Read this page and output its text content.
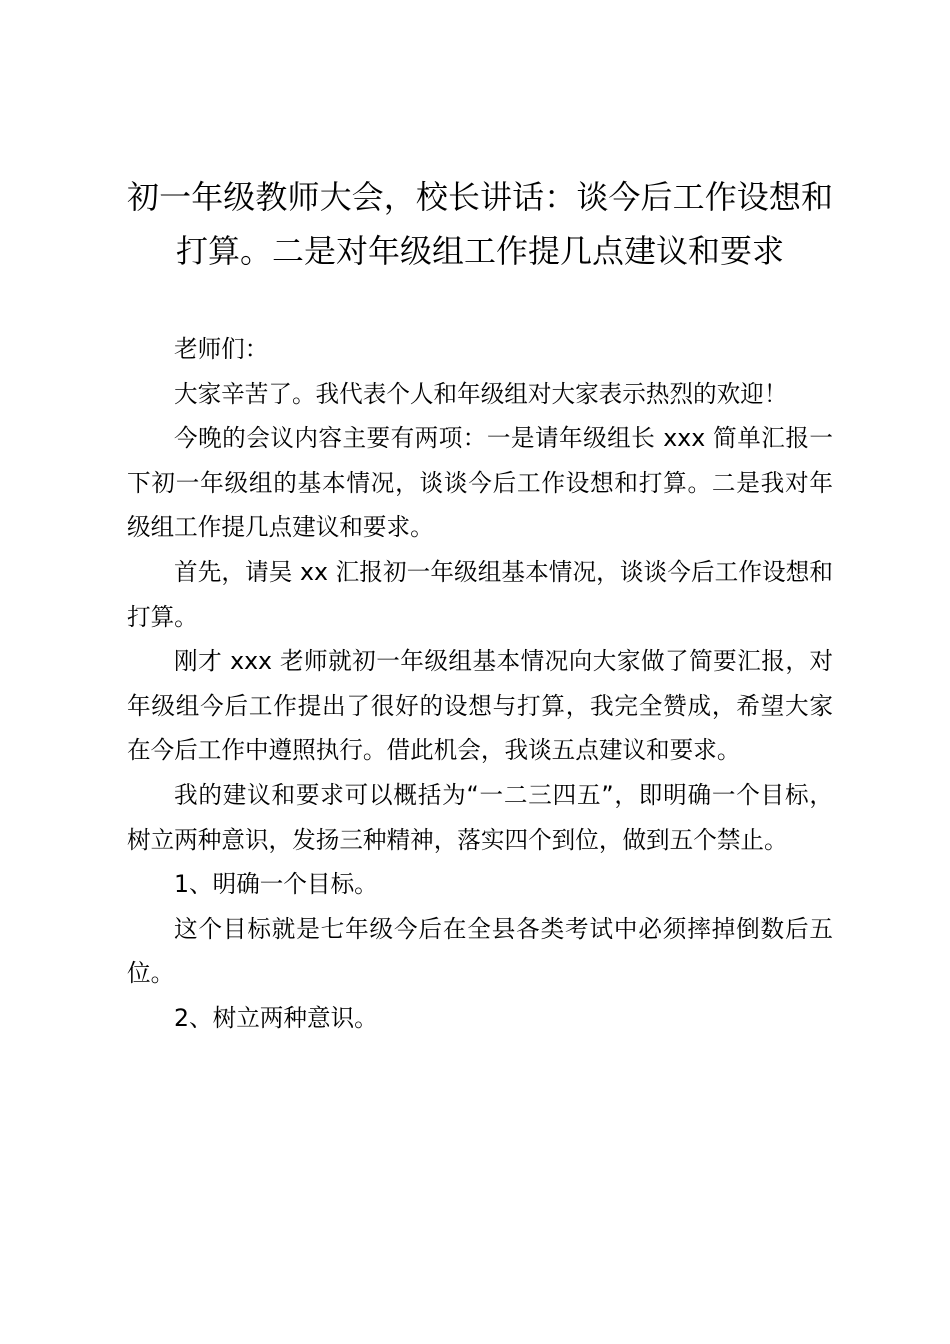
初一年级教师大会，校长讲话：谈今后工作设想和打算。二是对年级组工作提几点建议和要求

老师们：

大家辛苦了。我代表个人和年级组对大家表示热烈的欢迎！

今晚的会议内容主要有两项：一是请年级组长 xxx 简单汇报一下初一年级组的基本情况，谈谈今后工作设想和打算。二是我对年级组工作提几点建议和要求。

首先，请吴 xx 汇报初一年级组基本情况，谈谈今后工作设想和打算。

刚才 xxx 老师就初一年级组基本情况向大家做了简要汇报，对年级组今后工作提出了很好的设想与打算，我完全赞成，希望大家在今后工作中遵照执行。借此机会，我谈五点建议和要求。

我的建议和要求可以概括为“一二三四五”，即明确一个目标，树立两种意识，发扬三种精神，落实四个到位，做到五个禁止。

1、明确一个目标。

这个目标就是七年级今后在全县各类考试中必须摔掉倒数后五位。

2、树立两种意识。
